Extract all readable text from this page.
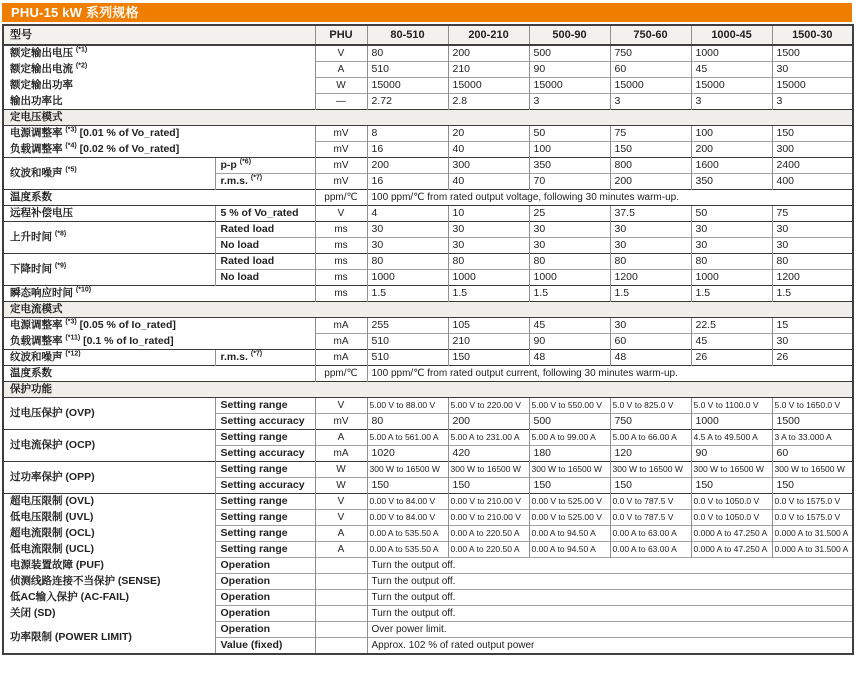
PHU-15 kW 系列规格
型号		PHU	80-510	200-210	500-90	750-60	1000-45	1500-30
额定输出电压 $^{(*1)}$		V	80	200	500	750	1000	1500
额定输出电流 $^{(*2)}$		A	510	210	90	60	45	30
额定输出功率		W	15000	15000	15000	15000	15000	15000
输出功率比		—	2.72	2.8	3	3	3	3
定电压模式								
电源调整率 $^{(*3)}$ [0.01 % of Vo_rated]		mV	8	20	50	75	100	150
负载调整率 $^{(*4)}$ [0.02 % of Vo_rated]		mV	16	40	100	150	200	300
纹波和噪声 $^{(*5)}$	p-p $^{(*6)}$	mV	200	300	350	800	1600	2400
	r.m.s. $^{(*7)}$	mV	16	40	70	200	350	400
温度系数		ppm/℃	100 ppm/℃ from rated output voltage, following 30 minutes warm-up.					
远程补偿电压	5 % of Vo_rated	V	4	10	25	37.5	50	75
上升时间 $^{(*8)}$	Rated load	ms	30	30	30	30	30	30
	No load	ms	30	30	30	30	30	30
下降时间 $^{(*9)}$	Rated load	ms	80	80	80	80	80	80
	No load	ms	1000	1000	1000	1200	1000	1200
瞬态响应时间 $^{(*10)}$		ms	1.5	1.5	1.5	1.5	1.5	1.5
定电流模式								
电源调整率 $^{(*3)}$ [0.05 % of Io_rated]		mA	255	105	45	30	22.5	15
负载调整率 $^{(*11)}$ [0.1 % of Io_rated]		mA	510	210	90	60	45	30
纹波和噪声 $^{(*12)}$	r.m.s. $^{(*7)}$	mA	510	150	48	48	26	26
温度系数		ppm/℃	100 ppm/℃ from rated output current, following 30 minutes warm-up.					
保护功能								
过电压保护 (OVP)	Setting range	V	5.00 V to 88.00 V	5.00 V to 220.00 V	5.00 V to 550.00 V	5.0 V to 825.0 V	5.0 V to 1100.0 V	5.0 V to 1650.0 V
	Setting accuracy	mV	80	200	500	750	1000	1500
过电流保护 (OCP)	Setting range	A	5.00 A to 561.00 A	5.00 A to 231.00 A	5.00 A to 99.00 A	5.00 A to 66.00 A	4.5 A to 49.500 A	3 A to 33.000 A
	Setting accuracy	mA	1020	420	180	120	90	60
过功率保护 (OPP)	Setting range	W	300 W to 16500 W	300 W to 16500 W	300 W to 16500 W	300 W to 16500 W	300 W to 16500 W	300 W to 16500 W
	Setting accuracy	W	150	150	150	150	150	150
超电压限制 (OVL)	Setting range	V	0.00 V to 84.00 V	0.00 V to 210.00 V	0.00 V to 525.00 V	0.0 V to 787.5 V	0.0 V to 1050.0 V	0.0 V to 1575.0 V
低电压限制 (UVL)	Setting range	V	0.00 V to 84.00 V	0.00 V to 210.00 V	0.00 V to 525.00 V	0.0 V to 787.5 V	0.0 V to 1050.0 V	0.0 V to 1575.0 V
超电流限制 (OCL)	Setting range	A	0.00 A to 535.50 A	0.00 A to 220.50 A	0.00 A to 94.50 A	0.00 A to 63.00 A	0.000 A to 47.250 A	0.000 A to 31.500 A
低电流限制 (UCL)	Setting range	A	0.00 A to 535.50 A	0.00 A to 220.50 A	0.00 A to 94.50 A	0.00 A to 63.00 A	0.000 A to 47.250 A	0.000 A to 31.500 A
电源装置故障 (PUF)	Operation		Turn the output off.					
侦测线路连接不当保护 (SENSE)	Operation		Turn the output off.					
低AC输入保护 (AC-FAIL)	Operation		Turn the output off.					
关闭 (SD)	Operation		Turn the output off.					
功率限制 (POWER LIMIT)	Operation		Over power limit.					
	Value (fixed)		Approx. 102 % of rated output power					
